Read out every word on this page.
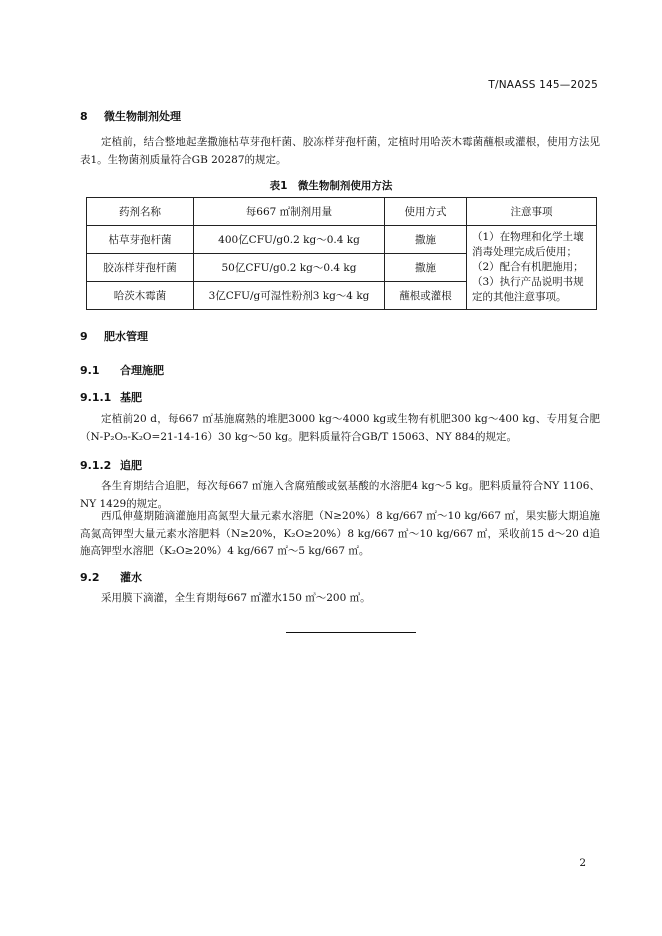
T/NAASS 145—2025
8 微生物制剂处理
定植前，结合整地起垄撒施枯草芽孢杆菌、胶冻样芽孢杆菌，定植时用哈茨木霉菌蘸根或灌根，使用方法见表1。生物菌剂质量符合GB 20287的规定。
表1　微生物制剂使用方法
药剂名称	每667 ㎡制剂用量	使用方式	注意事项
枯草芽孢杆菌	400亿CFU/g0.2 kg～0.4 kg	撒施	（1）在物理和化学土壤消毒处理完成后使用；
（2）配合有机肥施用；
（3）执行产品说明书规定的其他注意事项。

胶冻样芽孢杆菌	50亿CFU/g0.2 kg～0.4 kg	撒施	
哈茨木霉菌	3亿CFU/g可湿性粉剂3 kg～4 kg	蘸根或灌根	
9 肥水管理
9.1 合理施肥
9.1.1 基肥
定植前20 d，每667 ㎡基施腐熟的堆肥3000 kg～4000 kg或生物有机肥300 kg～400 kg、专用复合肥（N-P₂O₅-K₂O=21-14-16）30 kg～50 kg。肥料质量符合GB/T 15063、NY 884的规定。
9.1.2 追肥
各生育期结合追肥，每次每667 ㎡施入含腐殖酸或氨基酸的水溶肥4 kg～5 kg。肥料质量符合NY 1106、NY 1429的规定。
西瓜伸蔓期随滴灌施用高氮型大量元素水溶肥（N≥20%）8 kg/667 ㎡～10 kg/667 ㎡，果实膨大期追施高氮高钾型大量元素水溶肥料（N≥20%，K₂O≥20%）8 kg/667 ㎡～10 kg/667 ㎡，采收前15 d～20 d追施高钾型水溶肥（K₂O≥20%）4 kg/667 ㎡～5 kg/667 ㎡。
9.2 灌水
采用膜下滴灌，全生育期每667 ㎡灌水150 ㎥～200 ㎥。
2
